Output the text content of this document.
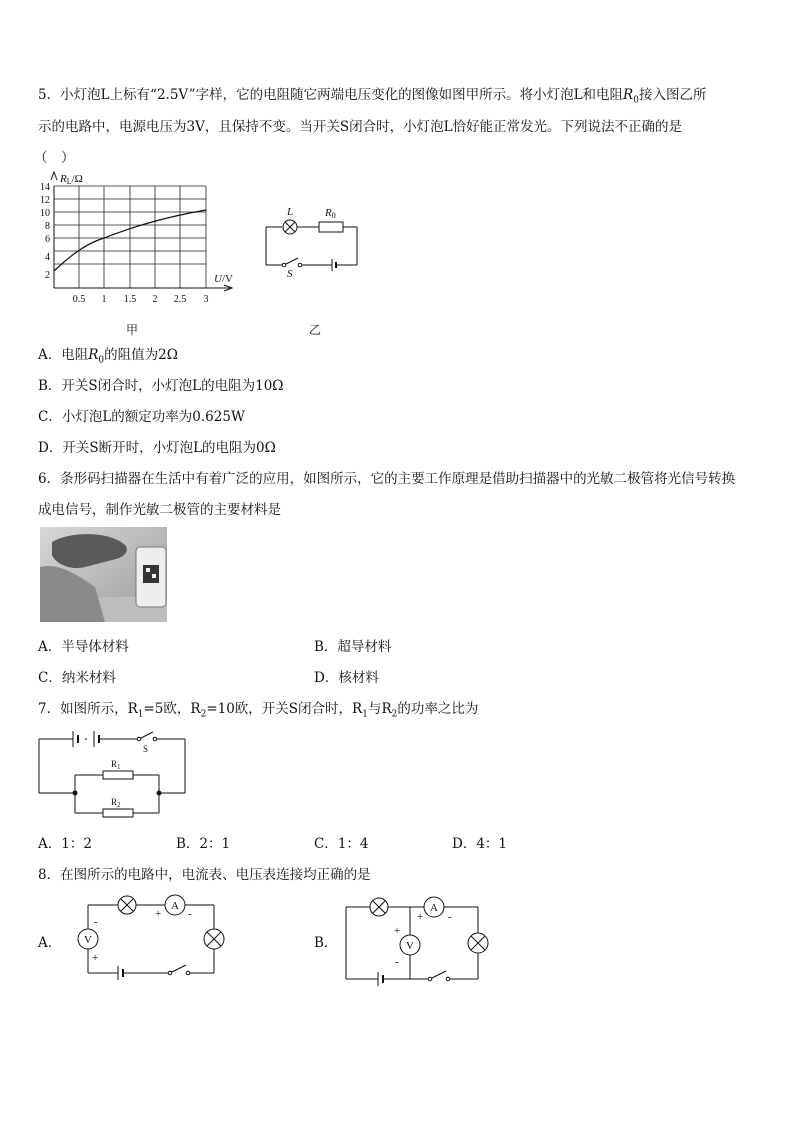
5．小灯泡L上标有“2.5V”字样，它的电阻随它两端电压变化的图像如图甲所示。将小灯泡L和电阻$R_0$接入图乙所
示的电路中，电源电压为3V，且保持不变。当开关S闭合时，小灯泡L恰好能正常发光。下列说法不正确的是
（　）
14
12
10
8
6
4
2
0.5 1 1.5 2 2.5 3
RL/Ω
U/V
甲
L	R0
S
乙
A．电阻$R_0$的阻值为2Ω
B．开关S闭合时，小灯泡L的电阻为10Ω
C．小灯泡L的额定功率为0.625W
D．开关S断开时，小灯泡L的电阻为0Ω
6．条形码扫描器在生活中有着广泛的应用，如图所示，它的主要工作原理是借助扫描器中的光敏二极管将光信号转换
成电信号，制作光敏二极管的主要材料是
A．半导体材料	B．超导材料
C．纳米材料	D．核材料
7．如图所示，$R_1=5$欧，$R_2=10$欧，开关S闭合时，$R_1$与$R_2$的功率之比为
S
$R_1$
$R_2$
A．1：2	B．2：1	C．1：4	D．4：1
8．在图所示的电路中，电流表、电压表连接均正确的是
A．
A
V
+ -
-
+
B．
A
V
+ -
+
-
